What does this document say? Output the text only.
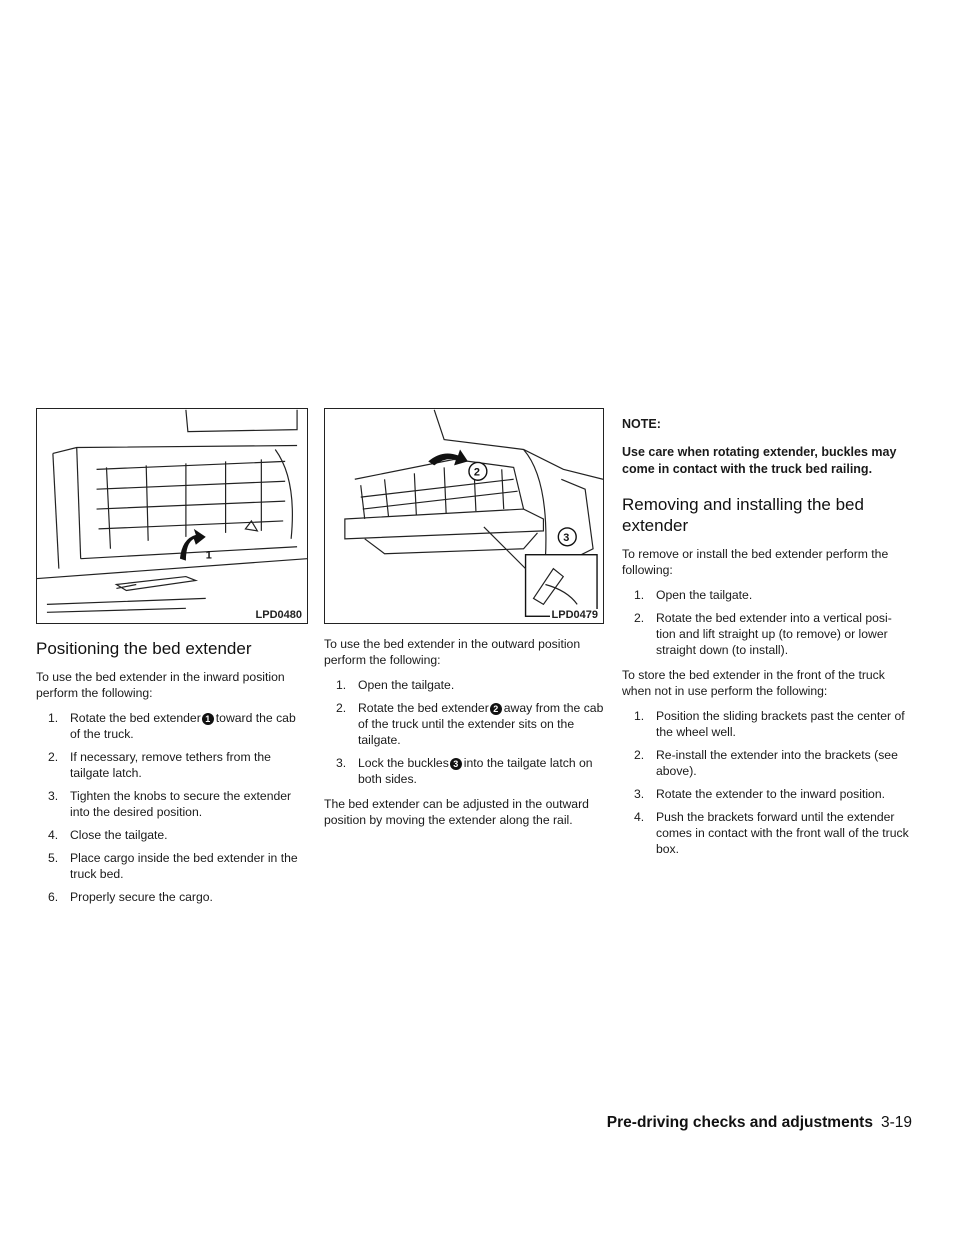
1
LPD0480
Positioning the bed extender

To use the bed extender in the inward position perform the following:

1. Rotate the bed extender 1 toward the cab of the truck.
2. If necessary, remove tethers from the tailgate latch.
3. Tighten the knobs to secure the extender into the desired position.
4. Close the tailgate.
5. Place cargo inside the bed extender in the truck bed.
6. Properly secure the cargo.
2
3
LPD0479

To use the bed extender in the outward position perform the following:

1. Open the tailgate.
2. Rotate the bed extender 2 away from the cab of the truck until the extender sits on the tailgate.
3. Lock the buckles 3 into the tailgate latch on both sides.

The bed extender can be adjusted in the outward position by moving the extender along the rail.

NOTE:
Use care when rotating extender, buckles may come in contact with the truck bed railing.
Removing and installing the bed extender

To remove or install the bed extender perform the following:

1. Open the tailgate.
2. Rotate the bed extender into a vertical posi- tion and lift straight up (to remove) or lower straight down (to install).

To store the bed extender in the front of the truck when not in use perform the following:

1. Position the sliding brackets past the center of the wheel well.
2. Re-install the extender into the brackets (see above).
3. Rotate the extender to the inward position.
4. Push the brackets forward until the extender comes in contact with the front wall of the truck box.
Pre-driving checks and adjustments 3-19
